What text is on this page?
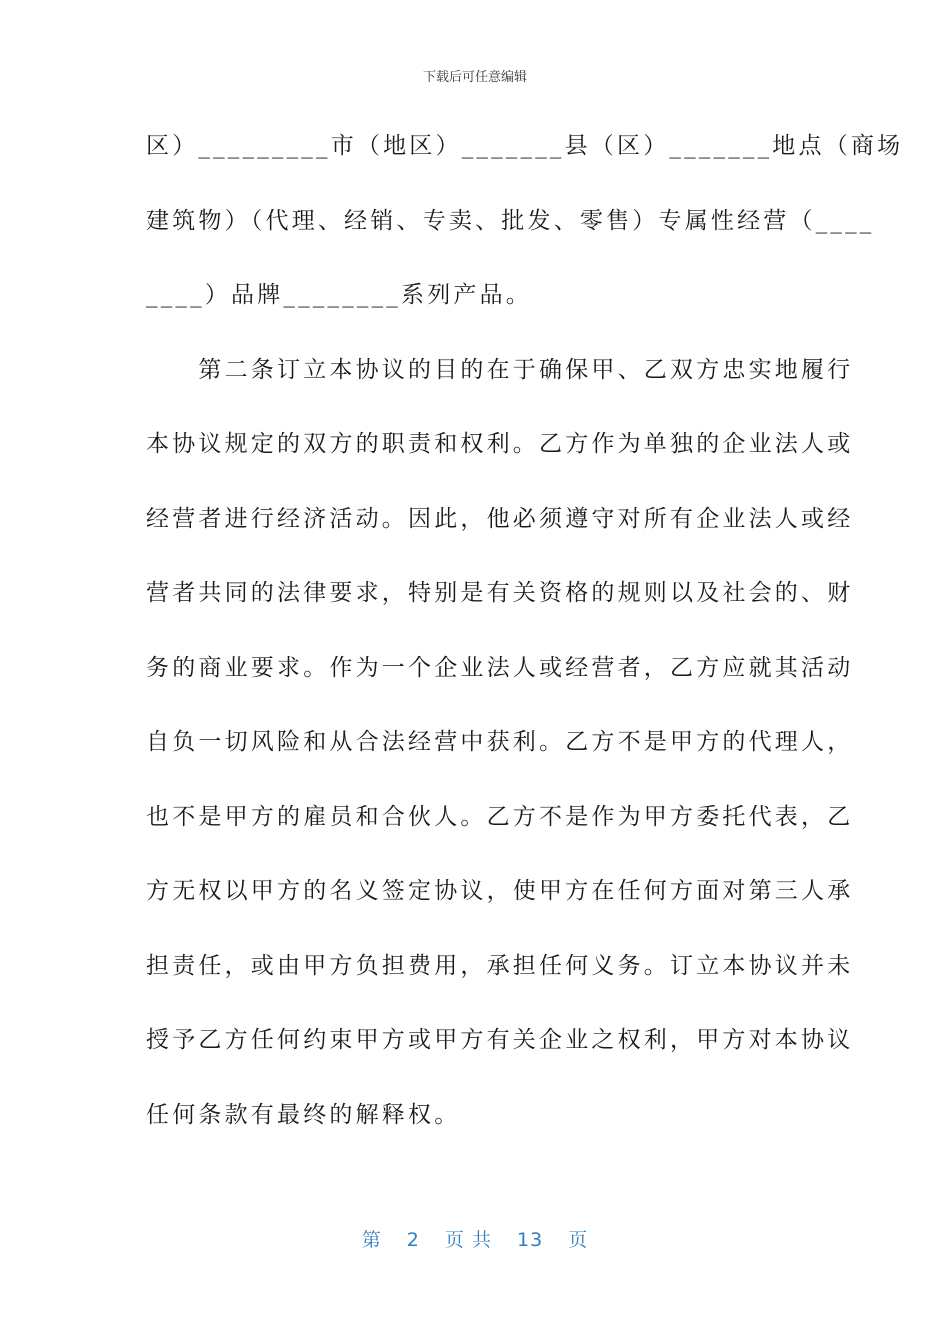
下载后可任意编辑
区）_________市（地区）_______县（区）_______地点（商场
建筑物）（代理、经销、专卖、批发、零售）专属性经营（____
____）品牌________系列产品。
　　第二条订立本协议的目的在于确保甲、乙双方忠实地履行
本协议规定的双方的职责和权利。乙方作为单独的企业法人或
经营者进行经济活动。因此，他必须遵守对所有企业法人或经
营者共同的法律要求，特别是有关资格的规则以及社会的、财
务的商业要求。作为一个企业法人或经营者，乙方应就其活动
自负一切风险和从合法经营中获利。乙方不是甲方的代理人，
也不是甲方的雇员和合伙人。乙方不是作为甲方委托代表，乙
方无权以甲方的名义签定协议，使甲方在任何方面对第三人承
担责任，或由甲方负担费用，承担任何义务。订立本协议并未
授予乙方任何约束甲方或甲方有关企业之权利，甲方对本协议
任何条款有最终的解释权。
第 2 页 共 13 页
